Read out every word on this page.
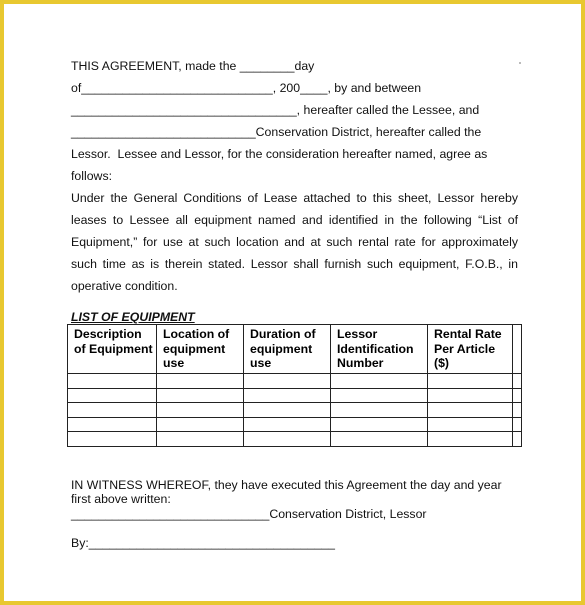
THIS AGREEMENT, made the ________day
of____________________________, 200____, by and between
_________________________________, hereafter called the Lessee, and
___________________________Conservation District, hereafter called the
Lessor.  Lessee and Lessor, for the consideration hereafter named, agree as
follows:
Under the General Conditions of Lease attached to this sheet, Lessor hereby
leases to Lessee all equipment named and identified in the following “List of
Equipment,” for use at such location and at such rental rate for approximately
such time as is therein stated. Lessor shall furnish such equipment, F.O.B., in
operative condition.
LIST OF EQUIPMENT
Description of Equipment	Location of equipment use	Duration of equipment use	Lessor Identification Number	Rental Rate Per Article ($)	

IN WITNESS WHEREOF, they have executed this Agreement the day and year
first above written:
_____________________________Conservation District, Lessor
By:____________________________________
